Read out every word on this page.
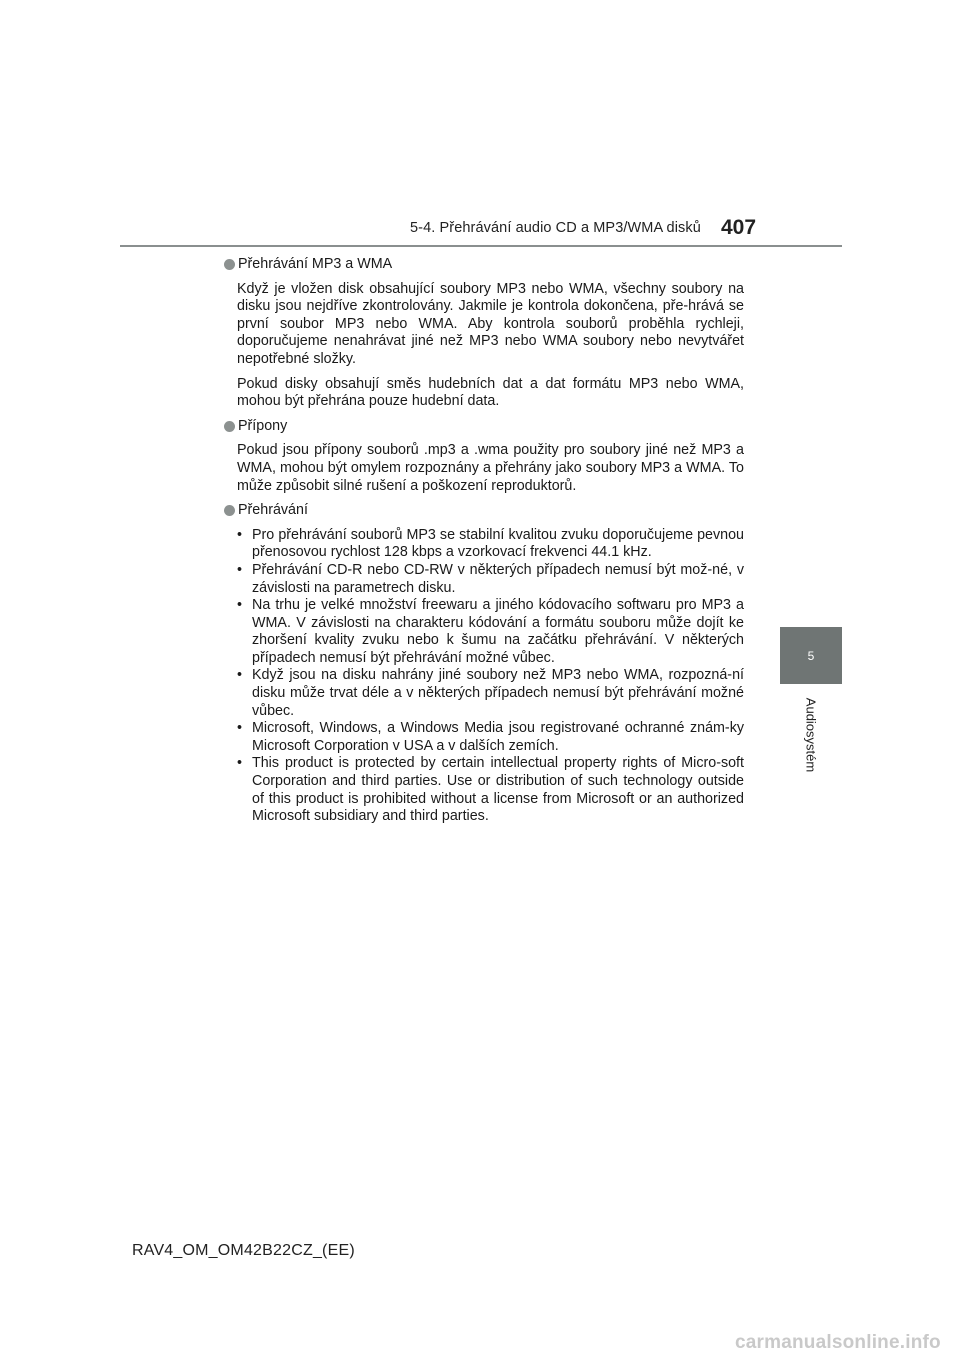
5-4. Přehrávání audio CD a MP3/WMA disků 407
5
Audiosystém
Přehrávání MP3 a WMA

Když je vložen disk obsahující soubory MP3 nebo WMA, všechny soubory na disku jsou nejdříve zkontrolovány. Jakmile je kontrola dokončena, pře-hrává se první soubor MP3 nebo WMA. Aby kontrola souborů proběhla rychleji, doporučujeme nenahrávat jiné než MP3 nebo WMA soubory nebo nevytvářet nepotřebné složky.

Pokud disky obsahují směs hudebních dat a dat formátu MP3 nebo WMA, mohou být přehrána pouze hudební data.

Přípony

Pokud jsou přípony souborů .mp3 a .wma použity pro soubory jiné než MP3 a WMA, mohou být omylem rozpoznány a přehrány jako soubory MP3 a WMA. To může způsobit silné rušení a poškození reproduktorů.

Přehrávání
• Pro přehrávání souborů MP3 se stabilní kvalitou zvuku doporučujeme pevnou přenosovou rychlost 128 kbps a vzorkovací frekvenci 44.1 kHz.
• Přehrávání CD-R nebo CD-RW v některých případech nemusí být mož-né, v závislosti na parametrech disku.
• Na trhu je velké množství freewaru a jiného kódovacího softwaru pro MP3 a WMA. V závislosti na charakteru kódování a formátu souboru může dojít ke zhoršení kvality zvuku nebo k šumu na začátku přehrávání. V některých případech nemusí být přehrávání možné vůbec.
• Když jsou na disku nahrány jiné soubory než MP3 nebo WMA, rozpozná-ní disku může trvat déle a v některých případech nemusí být přehrávání možné vůbec.
• Microsoft, Windows, a Windows Media jsou registrované ochranné znám-ky Microsoft Corporation v USA a v dalších zemích.
• This product is protected by certain intellectual property rights of Micro-soft Corporation and third parties. Use or distribution of such technology outside of this product is prohibited without a license from Microsoft or an authorized Microsoft subsidiary and third parties.
RAV4_OM_OM42B22CZ_(EE)
carmanualsonline.info
